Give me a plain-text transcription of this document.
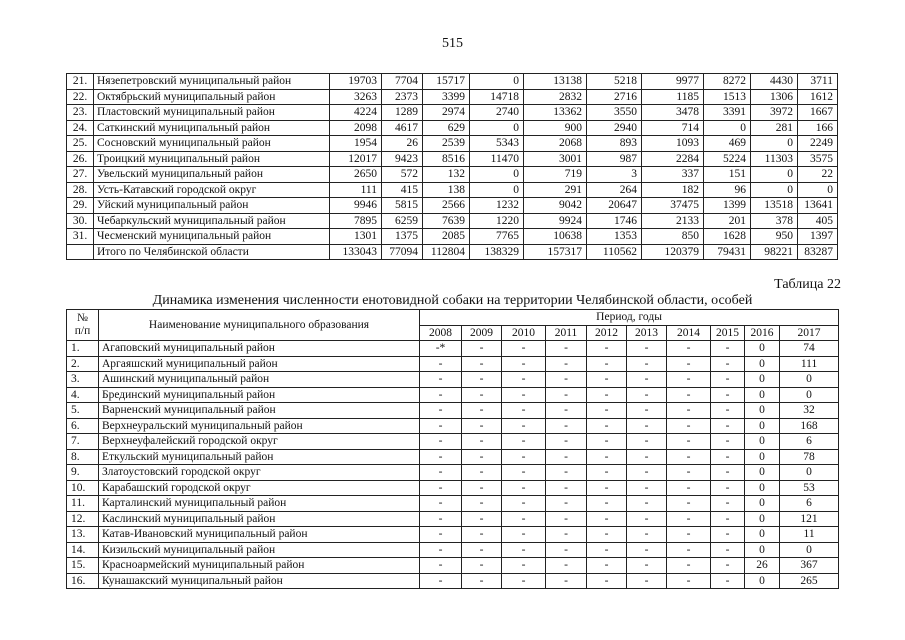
515
21.	Нязепетровский муниципальный район	19703	7704	15717	0	13138	5218	9977	8272	4430	3711
22.	Октябрьский муниципальный район	3263	2373	3399	14718	2832	2716	1185	1513	1306	1612
23.	Пластовский муниципальный район	4224	1289	2974	2740	13362	3550	3478	3391	3972	1667
24.	Саткинский муниципальный район	2098	4617	629	0	900	2940	714	0	281	166
25.	Сосновский муниципальный район	1954	26	2539	5343	2068	893	1093	469	0	2249
26.	Троицкий муниципальный район	12017	9423	8516	11470	3001	987	2284	5224	11303	3575
27.	Увельский муниципальный район	2650	572	132	0	719	3	337	151	0	22
28.	Усть-Катавский городской округ	111	415	138	0	291	264	182	96	0	0
29.	Уйский муниципальный район	9946	5815	2566	1232	9042	20647	37475	1399	13518	13641
30.	Чебаркульский муниципальный район	7895	6259	7639	1220	9924	1746	2133	201	378	405
31.	Чесменский муниципальный район	1301	1375	2085	7765	10638	1353	850	1628	950	1397
	Итого по Челябинской области	133043	77094	112804	138329	157317	110562	120379	79431	98221	83287
Таблица 22
Динамика изменения численности енотовидной собаки на территории Челябинской области, особей
№
п/п	Наименование муниципального образования	Период, годы									
		2008	2009	2010	2011	2012	2013	2014	2015	2016	2017
1.	Агаповский муниципальный район	-*	-	-	-	-	-	-	-	0	74
2.	Аргаяшский муниципальный район	-	-	-	-	-	-	-	-	0	111
3.	Ашинский муниципальный район	-	-	-	-	-	-	-	-	0	0
4.	Брединский муниципальный район	-	-	-	-	-	-	-	-	0	0
5.	Варненский муниципальный район	-	-	-	-	-	-	-	-	0	32
6.	Верхнеуральский муниципальный район	-	-	-	-	-	-	-	-	0	168
7.	Верхнеуфалейский городской округ	-	-	-	-	-	-	-	-	0	6
8.	Еткульский муниципальный район	-	-	-	-	-	-	-	-	0	78
9.	Златоустовский городской округ	-	-	-	-	-	-	-	-	0	0
10.	Карабашский городской округ	-	-	-	-	-	-	-	-	0	53
11.	Карталинский муниципальный район	-	-	-	-	-	-	-	-	0	6
12.	Каслинский муниципальный район	-	-	-	-	-	-	-	-	0	121
13.	Катав-Ивановский муниципальный район	-	-	-	-	-	-	-	-	0	11
14.	Кизильский муниципальный район	-	-	-	-	-	-	-	-	0	0
15.	Красноармейский муниципальный район	-	-	-	-	-	-	-	-	26	367
16.	Кунашакский муниципальный район	-	-	-	-	-	-	-	-	0	265
